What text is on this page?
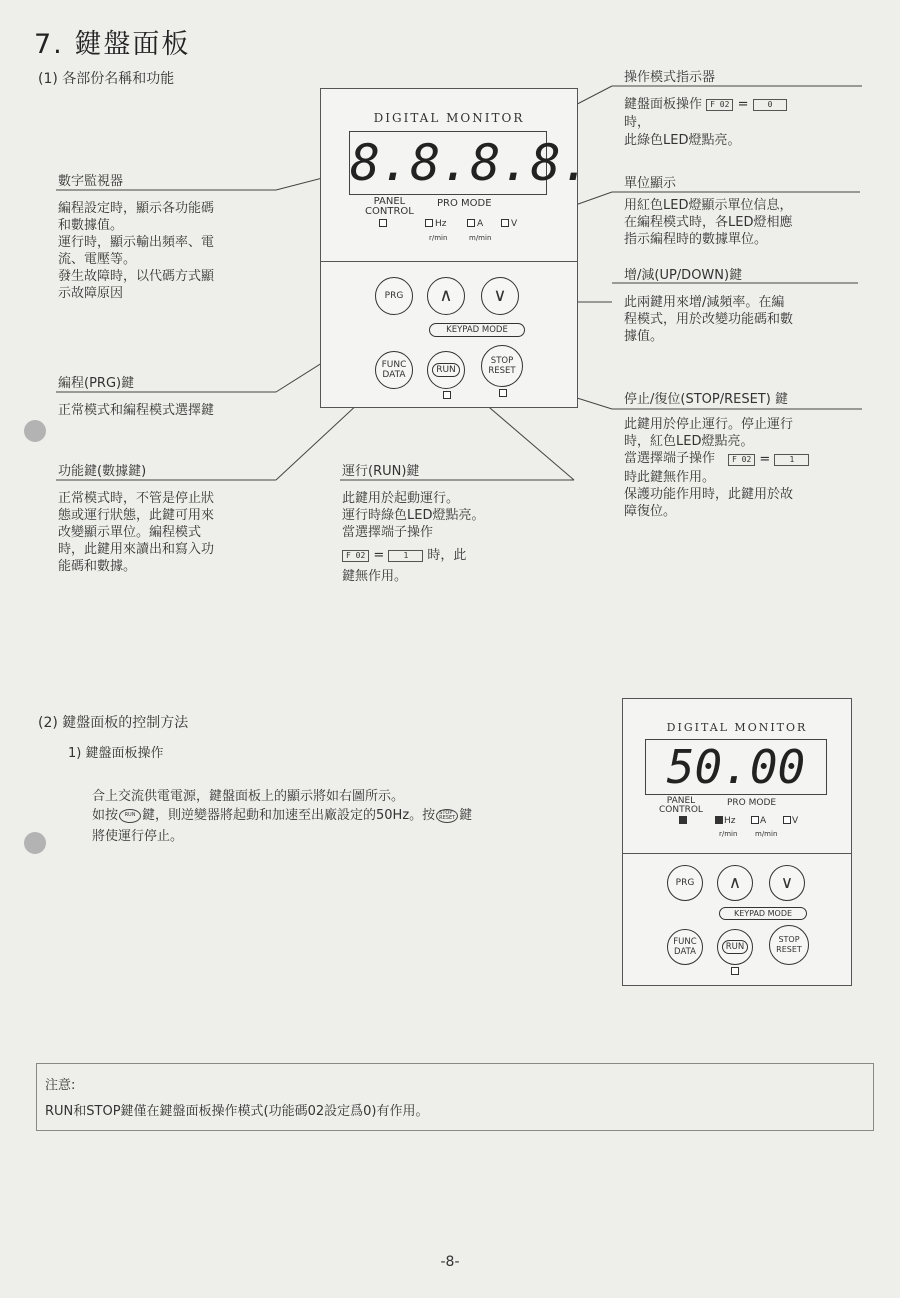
7. 鍵盤面板
(1) 各部份名稱和功能
DIGITAL MONITOR
8.8.8.8.
PANEL
CONTROL
PRO MODE
Hz	A	V
r/min	m/min
PRG	∧	∨
KEYPAD MODE
FUNC
DATA	RUN
STOP
RESET
數字監視器
編程設定時，顯示各功能碼
和數據值。
運行時，顯示輸出頻率、電
流、電壓等。
發生故障時，以代碼方式顯
示故障原因
編程(PRG)鍵
正常模式和編程模式選擇鍵
功能鍵(數據鍵)
正常模式時，不管是停止狀
態或運行狀態，此鍵可用來
改變顯示單位。編程模式
時，此鍵用來讀出和寫入功
能碼和數據。
運行(RUN)鍵
此鍵用於起動運行。
運行時綠色LED燈點亮。
當選擇端子操作
F 02 = 1 時，此
鍵無作用。
操作模式指示器
鍵盤面板操作 F 02 = 0
時，
此綠色LED燈點亮。
單位顯示
用紅色LED燈顯示單位信息，
在編程模式時，各LED燈相應
指示編程時的數據單位。
增/減(UP/DOWN)鍵
此兩鍵用來增/減頻率。在編
程模式，用於改變功能碼和數
據值。
停止/復位(STOP/RESET) 鍵
此鍵用於停止運行。停止運行
時，紅色LED燈點亮。
當選擇端子操作	F 02 = 1
時此鍵無作用。
保護功能作用時，此鍵用於故
障復位。
(2) 鍵盤面板的控制方法
1) 鍵盤面板操作
合上交流供電電源，鍵盤面板上的顯示將如右圖所示。
如按 RUN 鍵，則逆變器將起動和加速至出廠設定的50Hz。按 STOP
RESET 鍵
將使運行停止。
DIGITAL MONITOR
50.00
PANEL
CONTROL
PRO MODE
Hz	A	V
r/min	m/min
PRG	∧	∨
KEYPAD MODE
FUNC
DATA	RUN
STOP
RESET
注意:
RUN和STOP鍵僅在鍵盤面板操作模式(功能碼02設定爲0)有作用。
-8-
